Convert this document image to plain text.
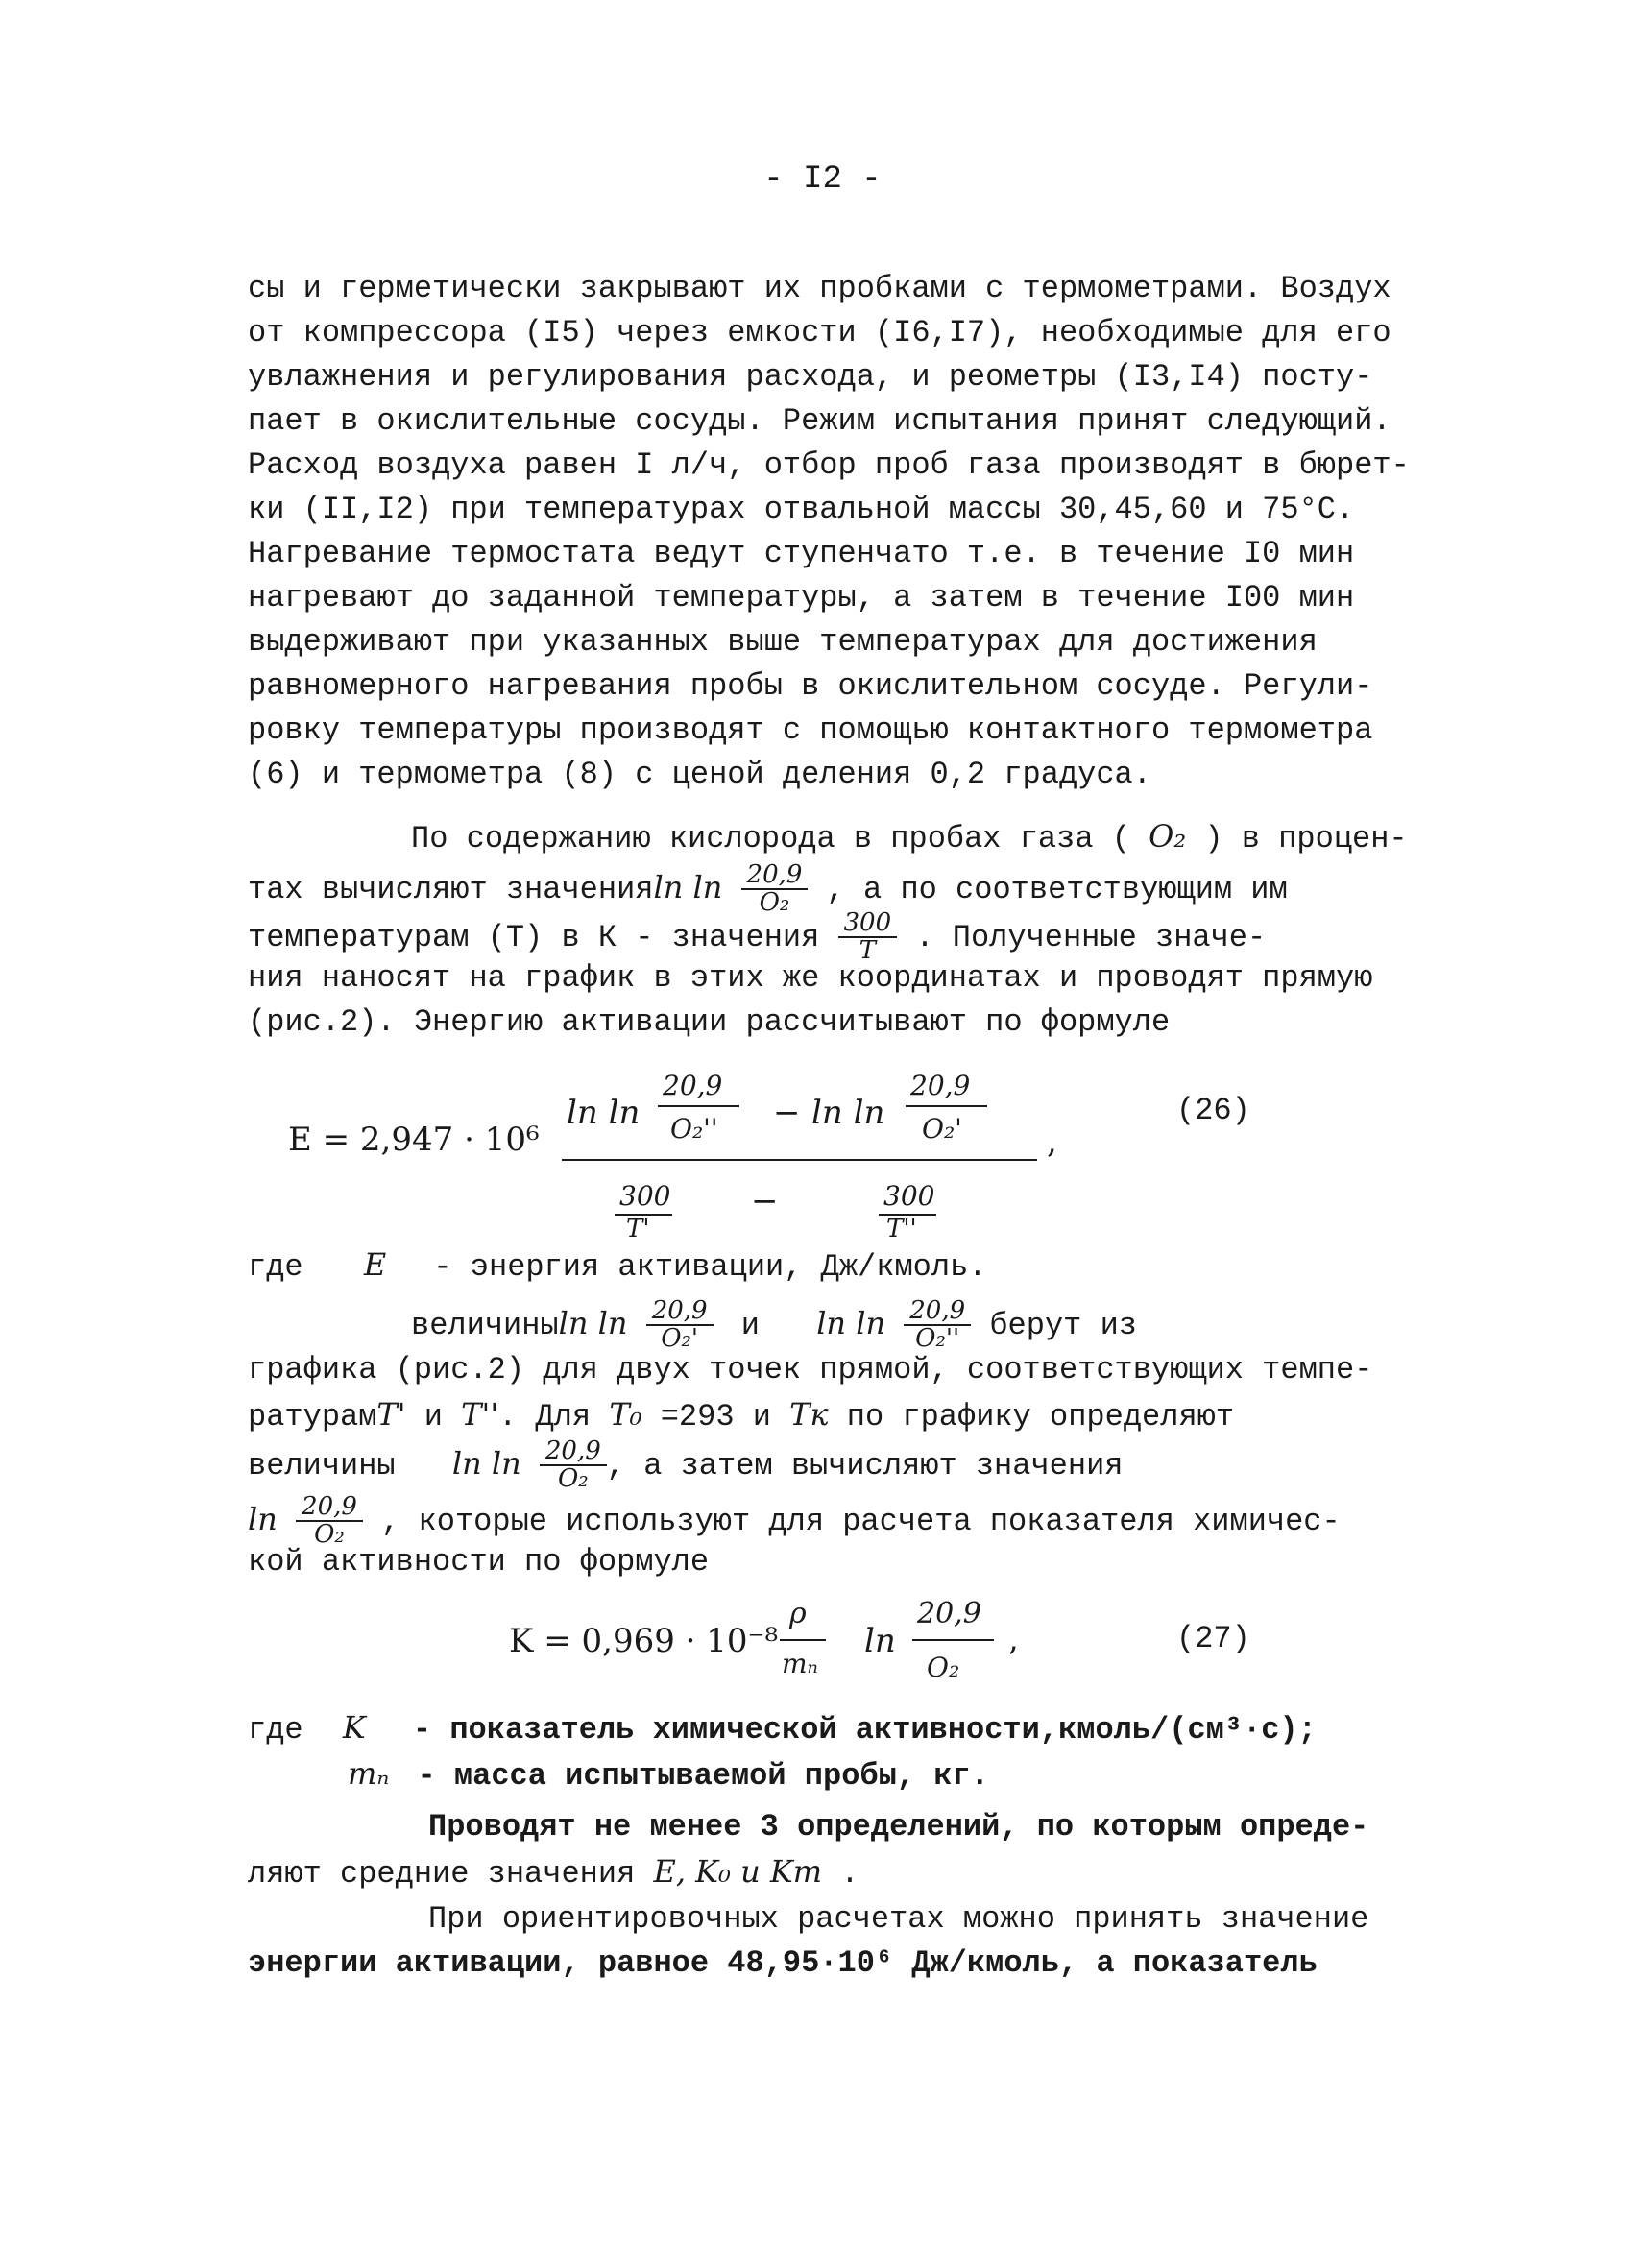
- I2 -
сы и герметически закрывают их пробками с термометрами. Воздух
от компрессора (I5) через емкости (I6,I7), необходимые для его
увлажнения и регулирования расхода, и реометры (I3,I4) посту-
пает в окислительные сосуды. Режим испытания принят следующий.
Расход воздуха равен I л/ч, отбор проб газа производят в бюрет-
ки (II,I2) при температурах отвальной массы 30,45,60 и 75°С.
Нагревание термостата ведут ступенчато т.е. в течение I0 мин
нагревают до заданной температуры, а затем в течение I00 мин
выдерживают при указанных выше температурах для достижения
равномерного нагревания пробы в окислительном сосуде. Регули-
ровку температуры производят с помощью контактного термометра
(6) и термометра (8) с ценой деления 0,2 градуса.
По содержанию кислорода в пробах газа ( O₂ ) в процен-
тах вычисляют значенияln $\ln \frac{20,9}{\text{O₂}}$ , а по соответствующим им
температурам (Т) в К - значения $\frac{300}{T}$ . Полученные значе-
ния наносят на график в этих же координатах и проводят прямую
(рис.2). Энергию активации рассчитывают по формуле
E = 2,947 · 10⁶
ln ln
20,9
O₂'' − ln ln
20,9
O₂'	,
300
T'
−	300
T''
(26)
где E - энергия активации, Дж/кмоль.
величиныln $\ln \frac{20,9}{\text{O₂'}}$ и $\ln \ln \frac{20,9}{\text{O₂''}}$ берут из
графика (рис.2) для двух точек прямой, соответствующих темпе-
ратурамT' и T''. Для T₀ =293 и Tк по графику определяют
величины $\ln \ln \frac{20,9}{\text{O₂}}$ , а затем вычисляют значения
$\ln \frac{20,9}{\text{O₂}}$ , которые используют для расчета показателя химичес-
кой активности по формуле
K = 0,969 · 10⁻⁸
ρ
mₙ
ln
20,9
O₂
,	(27)
где K - показатель химической активности,кмоль/(см³·с);
mₙ - масса испытываемой пробы, кг.
Проводят не менее 3 определений, по которым опреде-
ляют средние значения E, K₀ и Kт .
При ориентировочных расчетах можно принять значение
энергии активации, равное 48,95·10⁶ Дж/кмоль, а показатель
